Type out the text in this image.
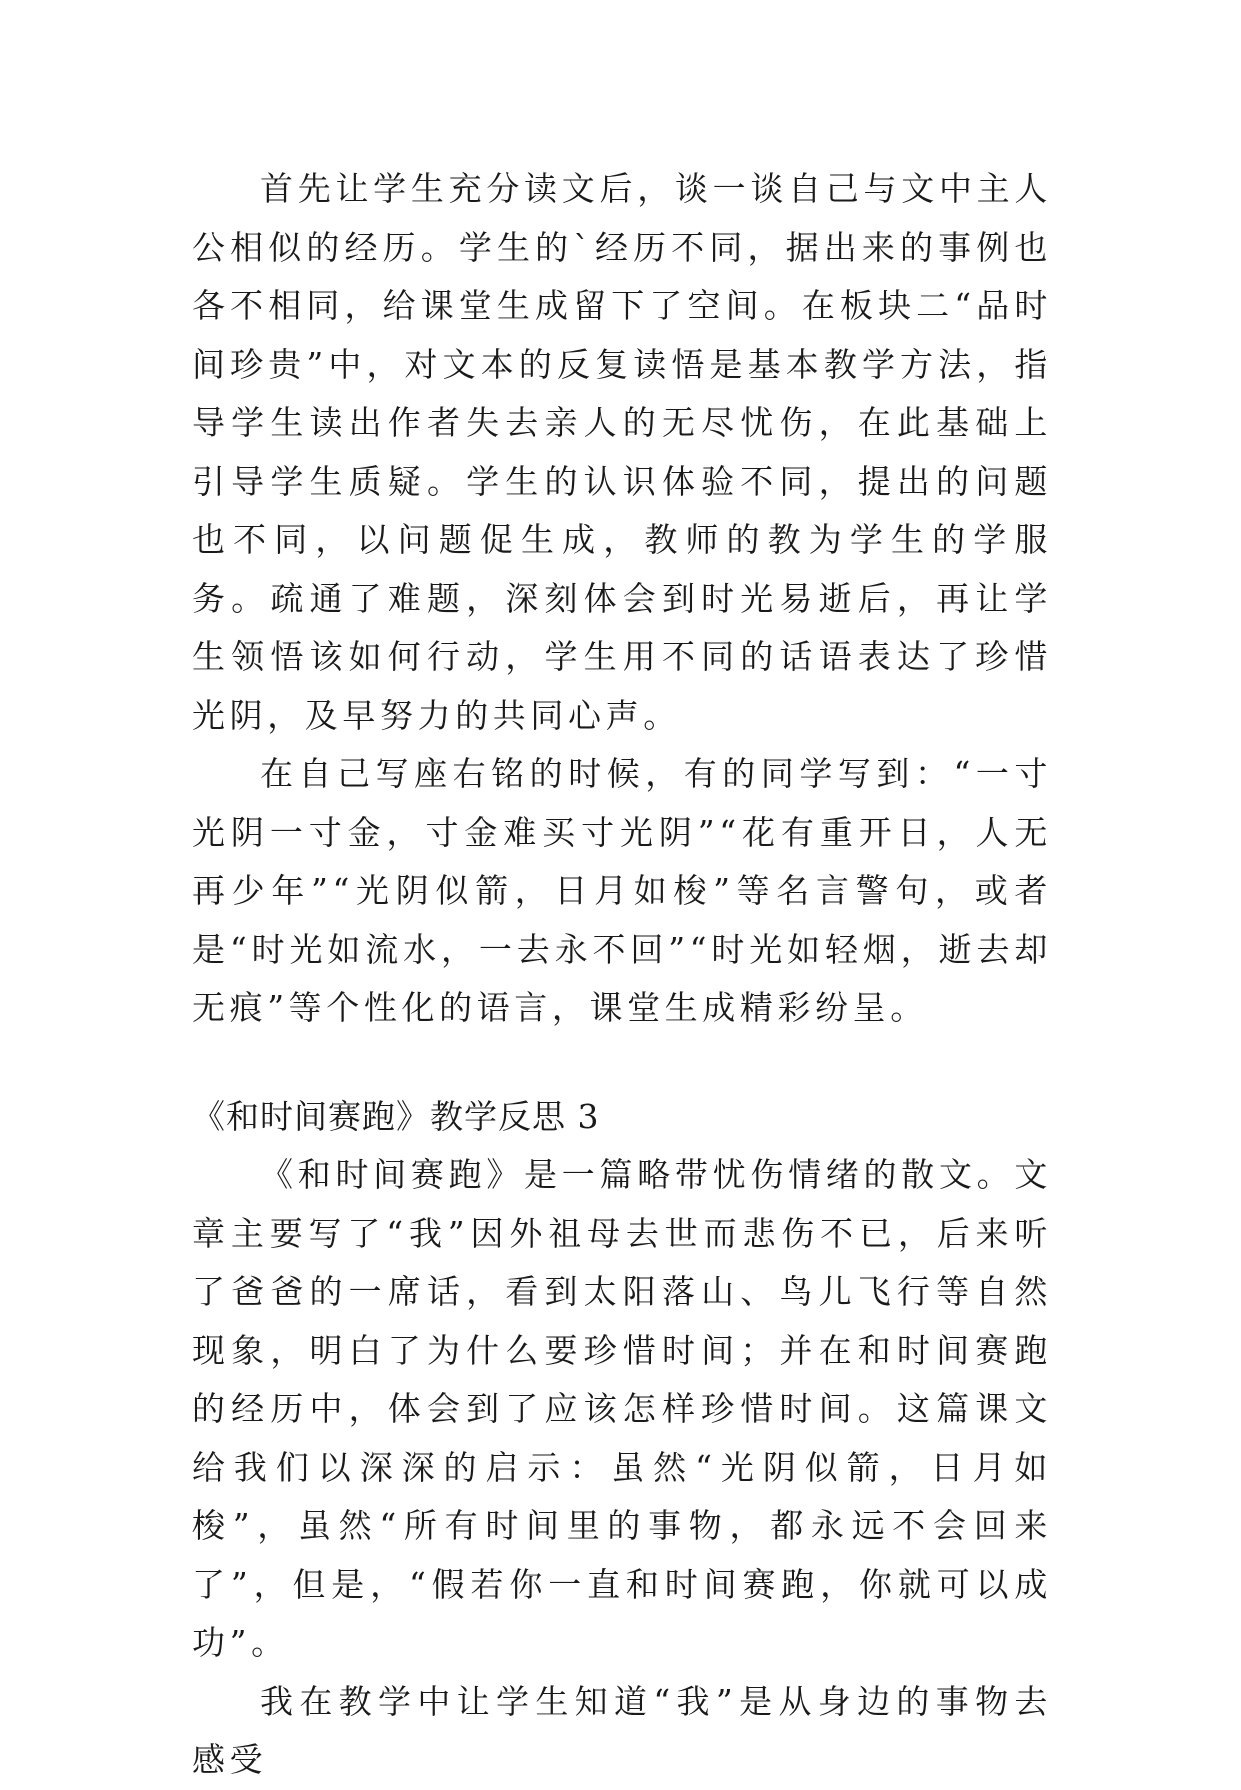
首先让学生充分读文后，谈一谈自己与文中主人公相似的经历。学生的`经历不同，据出来的事例也各不相同，给课堂生成留下了空间。在板块二“品时间珍贵”中，对文本的反复读悟是基本教学方法，指导学生读出作者失去亲人的无尽忧伤，在此基础上引导学生质疑。学生的认识体验不同，提出的问题也不同，以问题促生成，教师的教为学生的学服务。疏通了难题，深刻体会到时光易逝后，再让学生领悟该如何行动，学生用不同的话语表达了珍惜光阴，及早努力的共同心声。

在自己写座右铭的时候，有的同学写到：“一寸光阴一寸金，寸金难买寸光阴”“花有重开日，人无再少年”“光阴似箭，日月如梭”等名言警句，或者是“时光如流水，一去永不回”“时光如轻烟，逝去却无痕”等个性化的语言，课堂生成精彩纷呈。

《和时间赛跑》教学反思 3

《和时间赛跑》是一篇略带忧伤情绪的散文。文章主要写了“我”因外祖母去世而悲伤不已，后来听了爸爸的一席话，看到太阳落山、鸟儿飞行等自然现象，明白了为什么要珍惜时间；并在和时间赛跑的经历中，体会到了应该怎样珍惜时间。这篇课文给我们以深深的启示：虽然“光阴似箭，日月如梭”，虽然“所有时间里的事物，都永远不会回来了”，但是，“假若你一直和时间赛跑，你就可以成功”。

我在教学中让学生知道“我”是从身边的事物去感受
